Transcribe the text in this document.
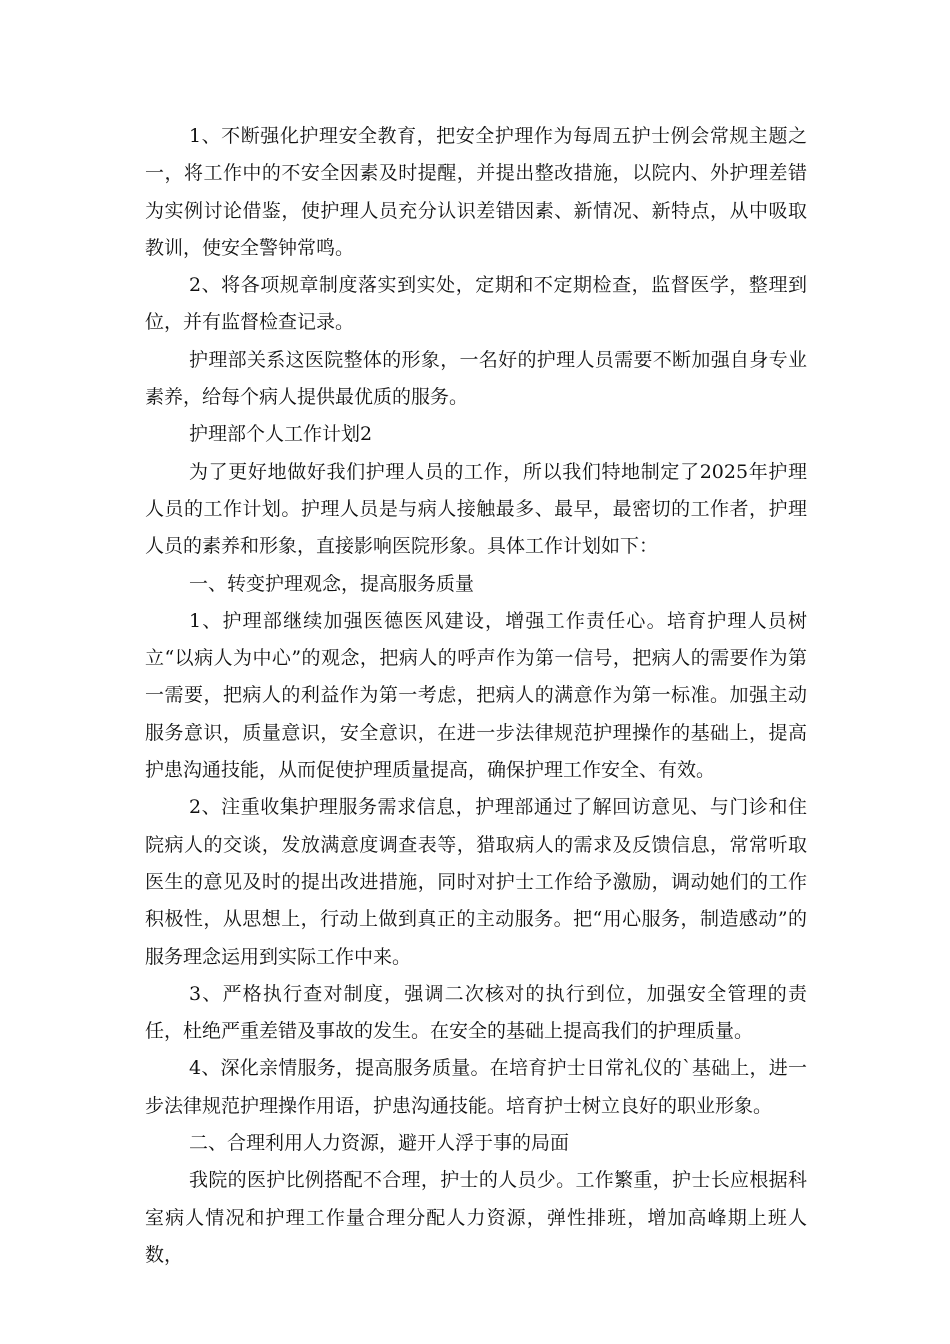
1、不断强化护理安全教育，把安全护理作为每周五护士例会常规主题之一，将工作中的不安全因素及时提醒，并提出整改措施，以院内、外护理差错为实例讨论借鉴，使护理人员充分认识差错因素、新情况、新特点，从中吸取教训，使安全警钟常鸣。

2、将各项规章制度落实到实处，定期和不定期检查，监督医学，整理到位，并有监督检查记录。

护理部关系这医院整体的形象，一名好的护理人员需要不断加强自身专业素养，给每个病人提供最优质的服务。

护理部个人工作计划2

为了更好地做好我们护理人员的工作，所以我们特地制定了2025年护理人员的工作计划。护理人员是与病人接触最多、最早，最密切的工作者，护理人员的素养和形象，直接影响医院形象。具体工作计划如下：

一、转变护理观念，提高服务质量

1、护理部继续加强医德医风建设，增强工作责任心。培育护理人员树立“以病人为中心”的观念，把病人的呼声作为第一信号，把病人的需要作为第一需要，把病人的利益作为第一考虑，把病人的满意作为第一标准。加强主动服务意识，质量意识，安全意识，在进一步法律规范护理操作的基础上，提高护患沟通技能，从而促使护理质量提高，确保护理工作安全、有效。

2、注重收集护理服务需求信息，护理部通过了解回访意见、与门诊和住院病人的交谈，发放满意度调查表等，猎取病人的需求及反馈信息，常常听取医生的意见及时的提出改进措施，同时对护士工作给予激励，调动她们的工作积极性，从思想上，行动上做到真正的主动服务。把“用心服务，制造感动”的服务理念运用到实际工作中来。

3、严格执行查对制度，强调二次核对的执行到位，加强安全管理的责任，杜绝严重差错及事故的发生。在安全的基础上提高我们的护理质量。

4、深化亲情服务，提高服务质量。在培育护士日常礼仪的`基础上，进一步法律规范护理操作用语，护患沟通技能。培育护士树立良好的职业形象。

二、合理利用人力资源，避开人浮于事的局面

我院的医护比例搭配不合理，护士的人员少。工作繁重，护士长应根据科室病人情况和护理工作量合理分配人力资源，弹性排班，增加高峰期上班人数，
